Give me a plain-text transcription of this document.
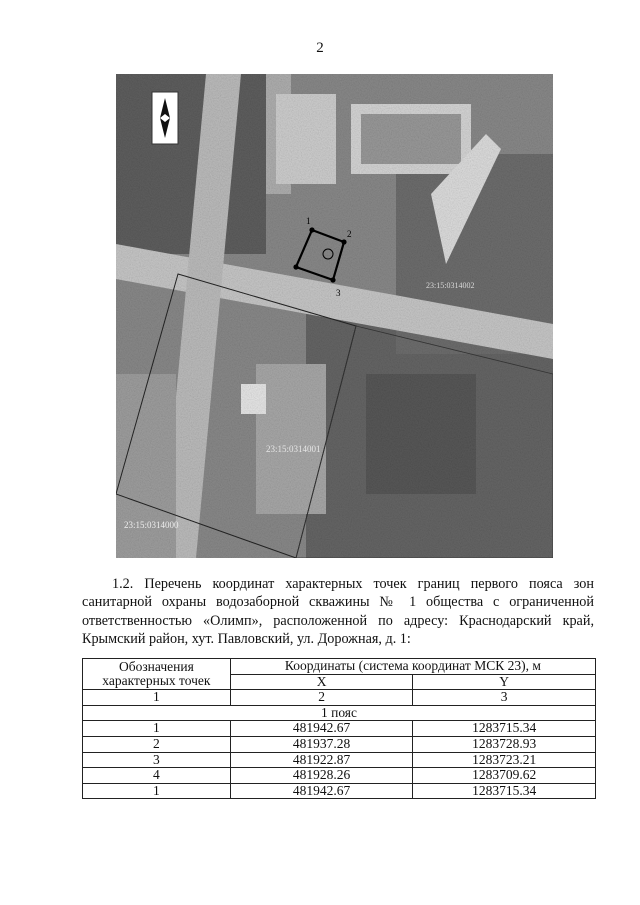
2
1
2
3
23:15:0314001
23:15:0314002
23:15:0314000

1.2. Перечень координат характерных точек границ первого пояса зон санитарной охраны водозаборной скважины № 1 общества с ограниченной ответственностью «Олимп», расположенной по адресу: Краснодарский край, Крымский район, хут. Павловский, ул. Дорожная, д. 1:

Обозначения характерных точек	Координаты (система координат МСК 23), м	
	X	Y
1	2	3
1 пояс		
1	481942.67	1283715.34
2	481937.28	1283728.93
3	481922.87	1283723.21
4	481928.26	1283709.62
1	481942.67	1283715.34
